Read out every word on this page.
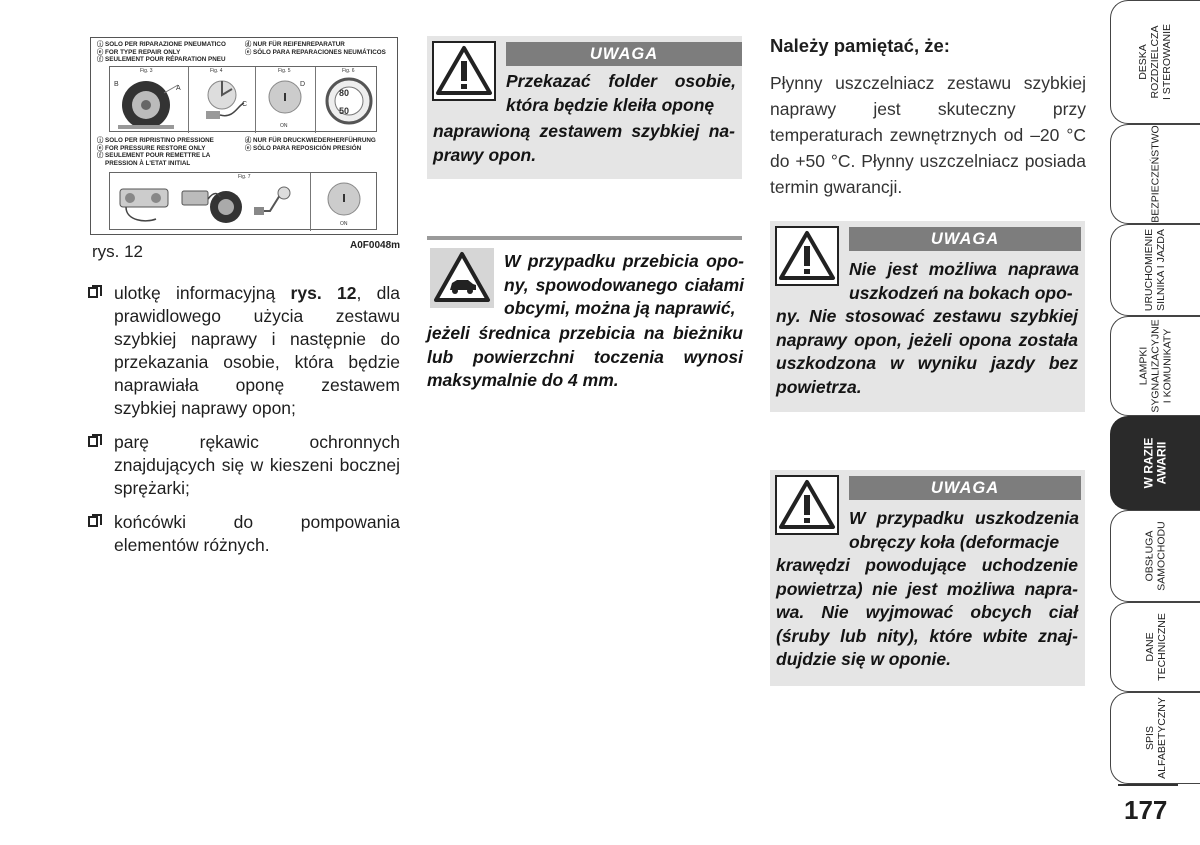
ⓘ SOLO PER RIPARAZIONE PNEUMATICO
ⓔ FOR TYPE REPAIR ONLY
ⓕ SEULEMENT POUR RÉPARATION PNEU
ⓓ NUR FÜR REIFENREPARATUR
ⓔ SÓLO PARA REPARACIONES NEUMÁTICOS
Fig. 3	Fig. 4	Fig. 5	Fig. 6
B
A
C
D
ON
80
50
ⓘ SOLO PER RIPRISTINO PRESSIONE
ⓔ FOR PRESSURE RESTORE ONLY
ⓕ SEULEMENT POUR REMETTRE LA
PRESSION À L'ETAT INITIAL
ⓓ NUR FÜR DRUCKWIEDERHERFÜHRUNG
ⓔ SÓLO PARA REPOSICIÓN PRESIÓN
Fig. 7
ON
A0F0048m
rys. 12
ulotkę informacyjną rys. 12, dla prawidlowego użycia zestawu szybkiej naprawy i następnie do przekazania osobie, która będzie naprawiała oponę zestawem szybkiej naprawy opon;
parę rękawic ochronnych znajdujących się w kieszeni bocznej sprężarki;
końcówki do pompowania elementów różnych.
UWAGA

Przekazać folder osobie, która będzie kleiła oponę

naprawioną zestawem szybkiej naprawy opon.

W przypadku przebicia opony, spowodowanego ciałami obcymi, można ją naprawić,

jeżeli średnica przebicia na bieżniku lub powierzchni toczenia wynosi maksymalnie do 4 mm.

Należy pamiętać, że:
Płynny uszczelniacz zestawu szybkiej naprawy jest skuteczny przy temperaturach zewnętrznych od –20 °C do +50 °C. Płynny uszczelniacz posiada termin gwarancji.
UWAGA

Nie jest możliwa naprawa uszkodzeń na bokach opo-

ny. Nie stosować zestawu szybkiej naprawy opon, jeżeli opona została uszkodzona w wyniku jazdy bez powietrza.

UWAGA

W przypadku uszkodzenia obręczy koła (deformacje

krawędzi powodujące uchodzenie powietrza) nie jest możliwa naprawa. Nie wyjmować obcych ciał (śruby lub nity), które wbite znajdujdzie się w oponie.

DESKA ROZDZIELCZA I STEROWANIE
BEZPIECZEŃSTWO
URUCHOMIENIE SILNIKA I JAZDA
LAMPKI SYGNALIZACYJNE I KOMUNIKATY
W RAZIE AWARII
OBSŁUGA SAMOCHODU
DANE TECHNICZNE
SPIS ALFABETYCZNY
177
